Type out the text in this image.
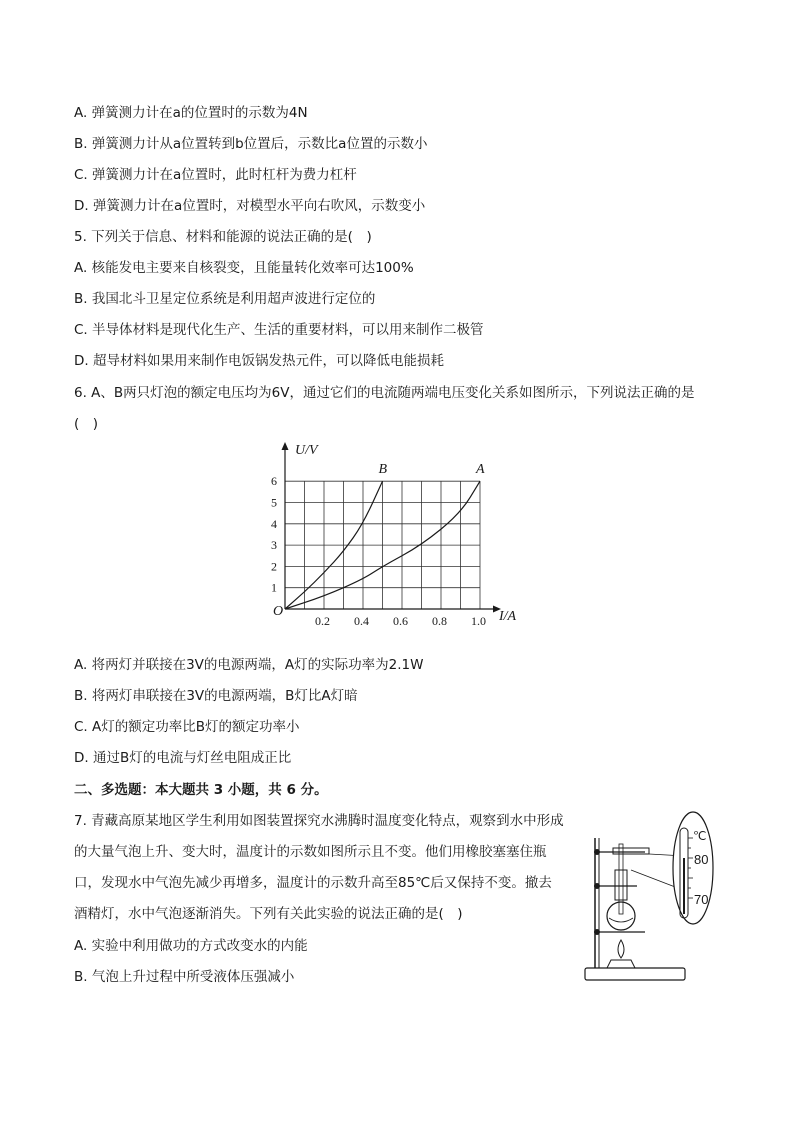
A. 弹簧测力计在a的位置时的示数为4N
B. 弹簧测力计从a位置转到b位置后，示数比a位置的示数小
C. 弹簧测力计在a位置时，此时杠杆为费力杠杆
D. 弹簧测力计在a位置时，对模型水平向右吹风，示数变小
5. 下列关于信息、材料和能源的说法正确的是(　)
A. 核能发电主要来自核裂变，且能量转化效率可达100%
B. 我国北斗卫星定位系统是利用超声波进行定位的
C. 半导体材料是现代化生产、生活的重要材料，可以用来制作二极管
D. 超导材料如果用来制作电饭锅发热元件，可以降低电能损耗
6. A、B两只灯泡的额定电压均为6V，通过它们的电流随两端电压变化关系如图所示，下列说法正确的是
(　)
B	A
0.2 0.4 0.6 0.8 1.0
1
2
3
4
5
6
U/V
I/A
O
A. 将两灯并联接在3V的电源两端，A灯的实际功率为2.1W
B. 将两灯串联接在3V的电源两端，B灯比A灯暗
C. A灯的额定功率比B灯的额定功率小
D. 通过B灯的电流与灯丝电阻成正比
二、多选题：本大题共 3 小题，共 6 分。
7. 青藏高原某地区学生利用如图装置探究水沸腾时温度变化特点，观察到水中形成的大量气泡上升、变大时，温度计的示数如图所示且不变。他们用橡胶塞塞住瓶口，发现水中气泡先减少再增多，温度计的示数升高至85℃后又保持不变。撤去酒精灯，水中气泡逐渐消失。下列有关此实验的说法正确的是(　)
A. 实验中利用做功的方式改变水的内能
B. 气泡上升过程中所受液体压强减小
℃
80
70
